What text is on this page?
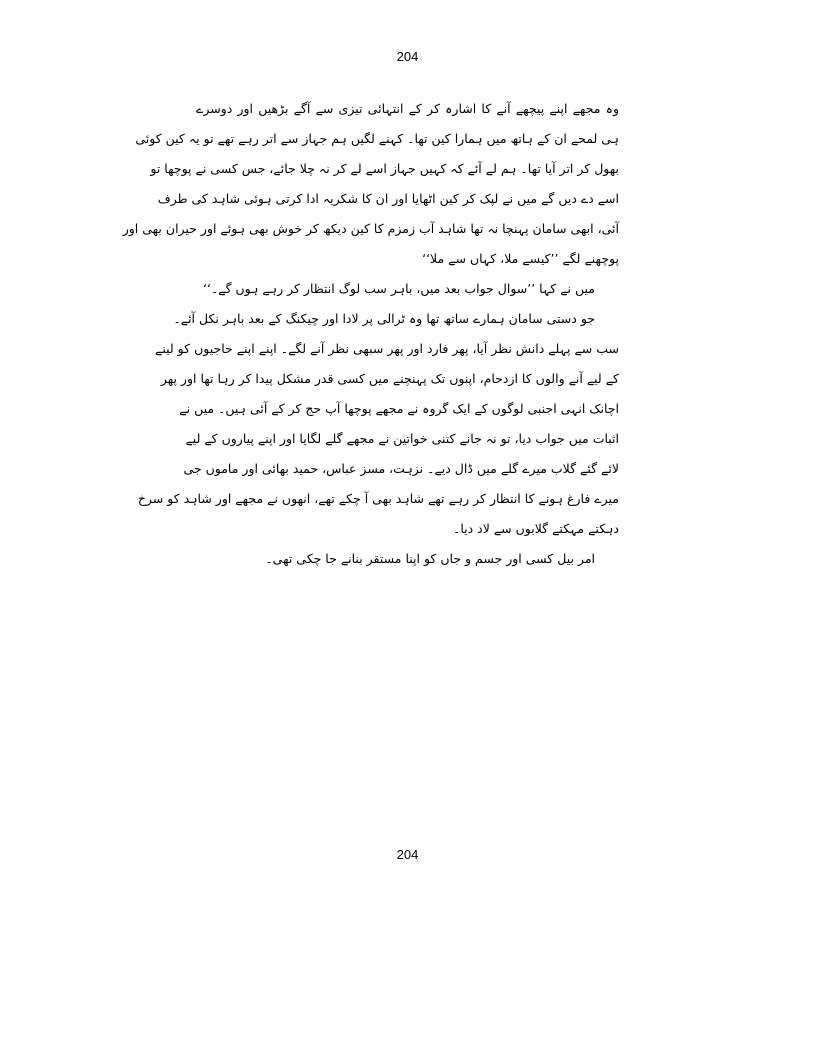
204
وہ مجھے اپنے پیچھے آنے کا اشارہ کر کے انتہائی تیزی سے آگے بڑھیں اور دوسرے
ہی لمحے ان کے ہاتھ میں ہمارا کین تھا۔ کہنے لگیں ہم جہاز سے اتر رہے تھے تو یہ کین کوئی
بھول کر اتر آیا تھا۔ ہم لے آئے کہ کہیں جہاز اسے لے کر نہ چلا جائے، جس کسی نے پوچھا تو
اسے دے دیں گے میں نے لپک کر کین اٹھایا اور ان کا شکریہ ادا کرتی ہوئی شاہد کی طرف
آئی، ابھی سامان پہنچا نہ تھا شاہد آب زمزم کا کین دیکھ کر خوش بھی ہوئے اور حیران بھی اور
پوچھنے لگے ’’کیسے ملا، کہاں سے ملا‘‘
میں نے کہا ’’سوال جواب بعد میں، باہر سب لوگ انتظار کر رہے ہوں گے۔‘‘
جو دستی سامان ہمارے ساتھ تھا وہ ٹرالی پر لادا اور چیکنگ کے بعد باہر نکل آئے۔
سب سے پہلے دانش نظر آیا، پھر فارد اور پھر سبھی نظر آنے لگے۔ اپنے اپنے حاجیوں کو لینے
کے لیے آنے والوں کا ازدحام، اپنوں تک پہنچنے میں کسی قدر مشکل پیدا کر رہا تھا اور پھر
اچانک انہی اجنبی لوگوں کے ایک گروہ نے مجھے پوچھا آپ حج کر کے آئی ہیں۔ میں نے
اثبات میں جواب دیا، تو نہ جانے کتنی خواتین نے مجھے گلے لگایا اور اپنے پیاروں کے لیے
لائے گئے گلاب میرے گلے میں ڈال دیے۔ نزہت، مسز عباس، حمید بھائی اور ماموں جی
میرے فارغ ہونے کا انتظار کر رہے تھے شاہد بھی آ چکے تھے، انھوں نے مجھے اور شاہد کو سرخ
دہکتے مہکتے گلابوں سے لاد دیا۔
امر بیل کسی اور جسم و جاں کو اپنا مستقر بنانے جا چکی تھی۔
204
